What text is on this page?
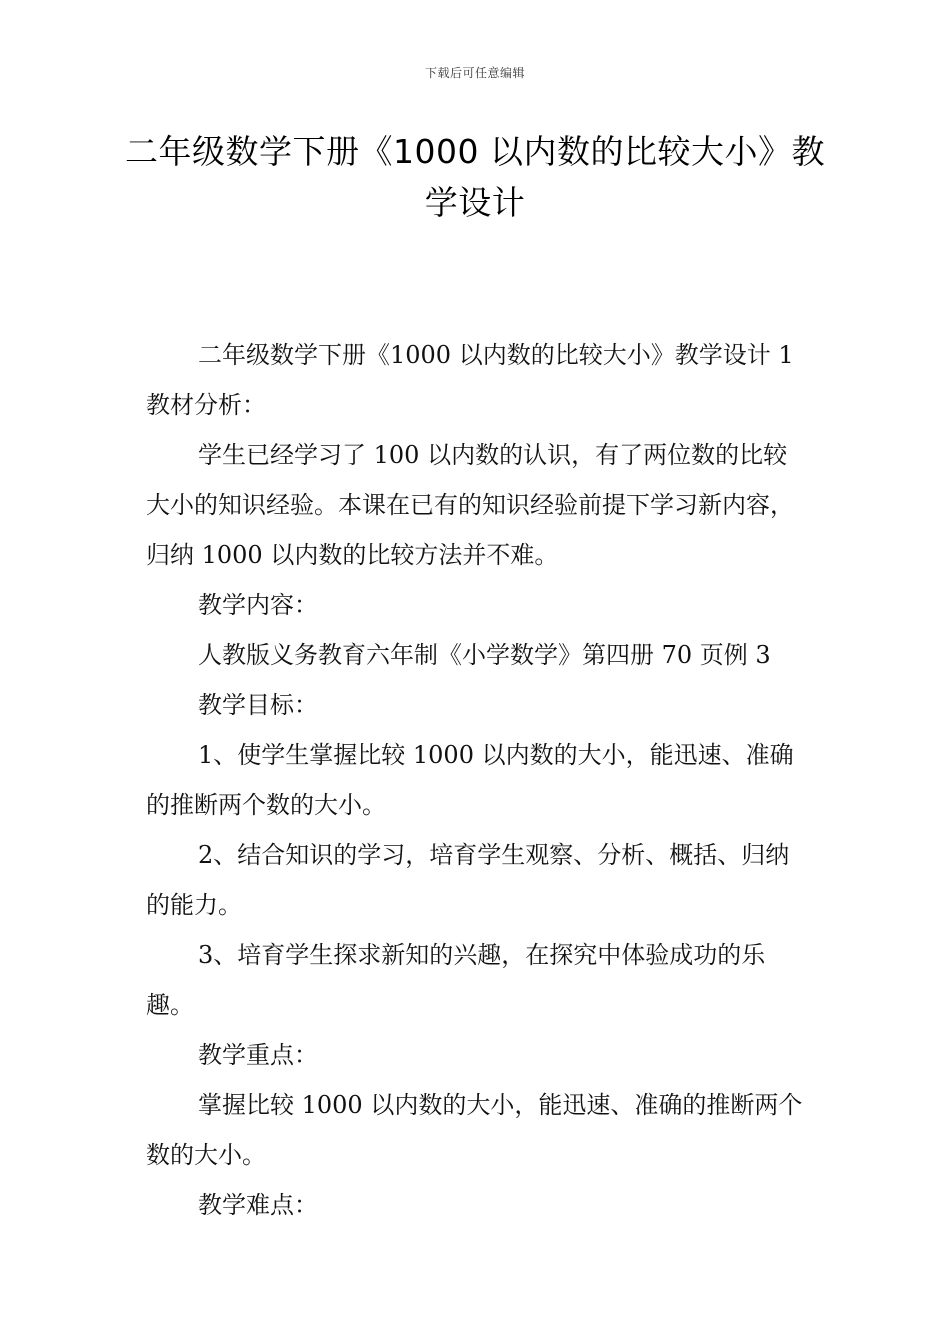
下载后可任意编辑
二年级数学下册《1000 以内数的比较大小》教学设计

二年级数学下册《1000 以内数的比较大小》教学设计 1 教材分析：

学生已经学习了 100 以内数的认识，有了两位数的比较大小的知识经验。本课在已有的知识经验前提下学习新内容，归纳 1000 以内数的比较方法并不难。

教学内容：

人教版义务教育六年制《小学数学》第四册 70 页例 3

教学目标：

1、使学生掌握比较 1000 以内数的大小，能迅速、准确的推断两个数的大小。

2、结合知识的学习，培育学生观察、分析、概括、归纳的能力。

3、培育学生探求新知的兴趣，在探究中体验成功的乐趣。

教学重点：

掌握比较 1000 以内数的大小，能迅速、准确的推断两个数的大小。

教学难点：
